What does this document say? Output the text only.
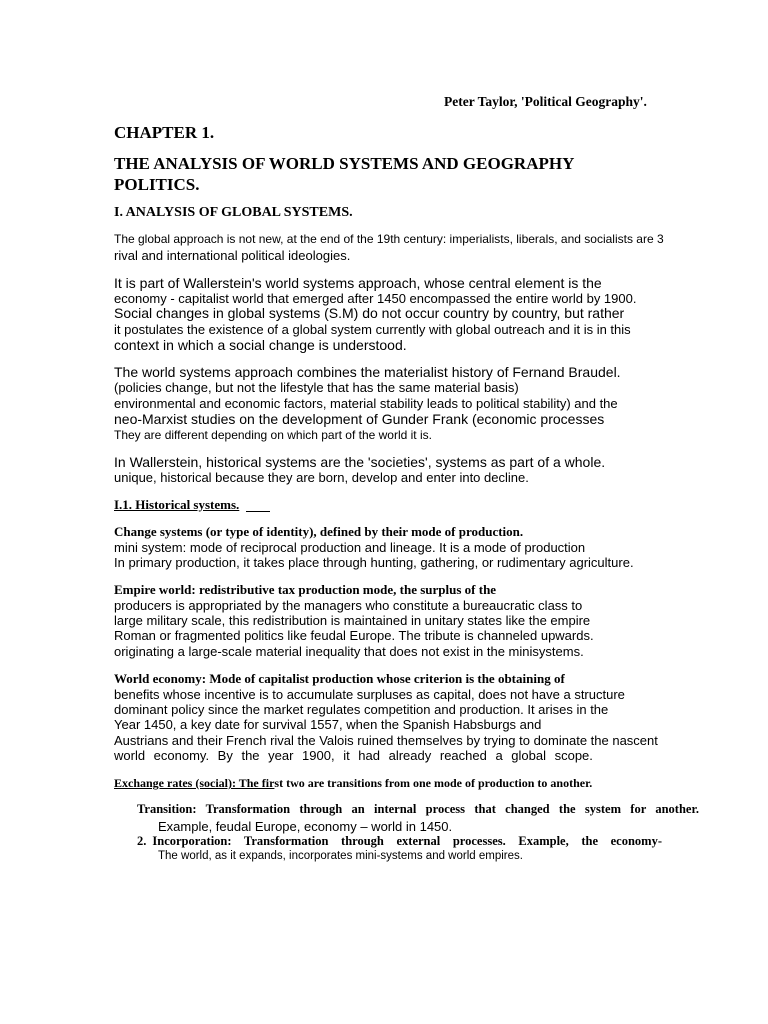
Peter Taylor, 'Political Geography'.
CHAPTER 1.
THE ANALYSIS OF WORLD SYSTEMS AND GEOGRAPHY
POLITICS.
I. ANALYSIS OF GLOBAL SYSTEMS.
The global approach is not new, at the end of the 19th century: imperialists, liberals, and socialists are 3
rival and international political ideologies.
It is part of Wallerstein's world systems approach, whose central element is the
economy - capitalist world that emerged after 1450 encompassed the entire world by 1900.
Social changes in global systems (S.M) do not occur country by country, but rather
it postulates the existence of a global system currently with global outreach and it is in this
context in which a social change is understood.
The world systems approach combines the materialist history of Fernand Braudel.
(policies change, but not the lifestyle that has the same material basis)
environmental and economic factors, material stability leads to political stability) and the
neo-Marxist studies on the development of Gunder Frank (economic processes
They are different depending on which part of the world it is.
In Wallerstein, historical systems are the 'societies', systems as part of a whole.
unique, historical because they are born, develop and enter into decline.
I.1. Historical systems.
Change systems (or type of identity), defined by their mode of production.
mini system: mode of reciprocal production and lineage. It is a mode of production
In primary production, it takes place through hunting, gathering, or rudimentary agriculture.
Empire world: redistributive tax production mode, the surplus of the
producers is appropriated by the managers who constitute a bureaucratic class to
large military scale, this redistribution is maintained in unitary states like the empire
Roman or fragmented politics like feudal Europe. The tribute is channeled upwards.
originating a large-scale material inequality that does not exist in the minisystems.
World economy: Mode of capitalist production whose criterion is the obtaining of
benefits whose incentive is to accumulate surpluses as capital, does not have a structure
dominant policy since the market regulates competition and production. It arises in the
Year 1450, a key date for survival 1557, when the Spanish Habsburgs and
Austrians and their French rival the Valois ruined themselves by trying to dominate the nascent
world economy. By the year 1900, it had already reached a global scope.
Exchange rates (social): The first two are transitions from one mode of production to another.
Transition: Transformation through an internal process that changed the system for another.
Example, feudal Europe, economy – world in 1450.
2. Incorporation: Transformation through external processes. Example, the economy-
The world, as it expands, incorporates mini-systems and world empires.
